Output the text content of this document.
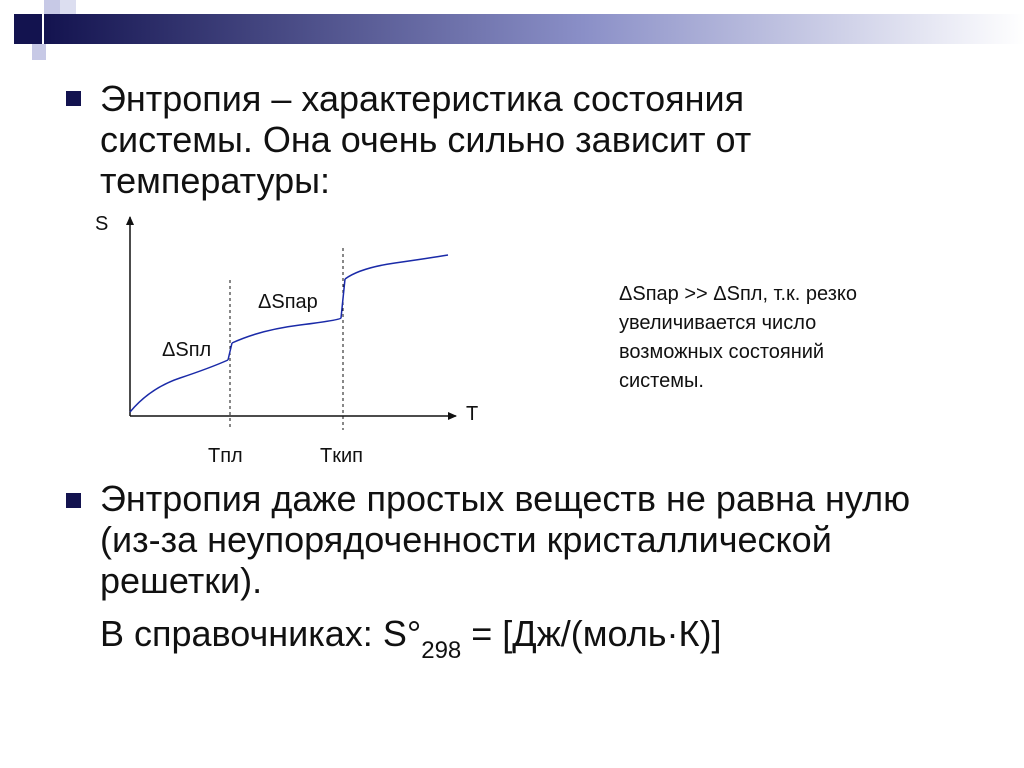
Энтропия – характеристика состояния системы. Она очень сильно зависит от температуры:
S
T
Tпл	Tкип
ΔSпл
ΔSпар	ΔSпар >> ΔSпл, т.к. резко увеличивается число возможных состояний системы.
Энтропия даже простых веществ не равна нулю (из-за неупорядоченности кристаллической решетки).
В справочниках: $S^\circ_{298}$ = [Дж/(моль·К)]
